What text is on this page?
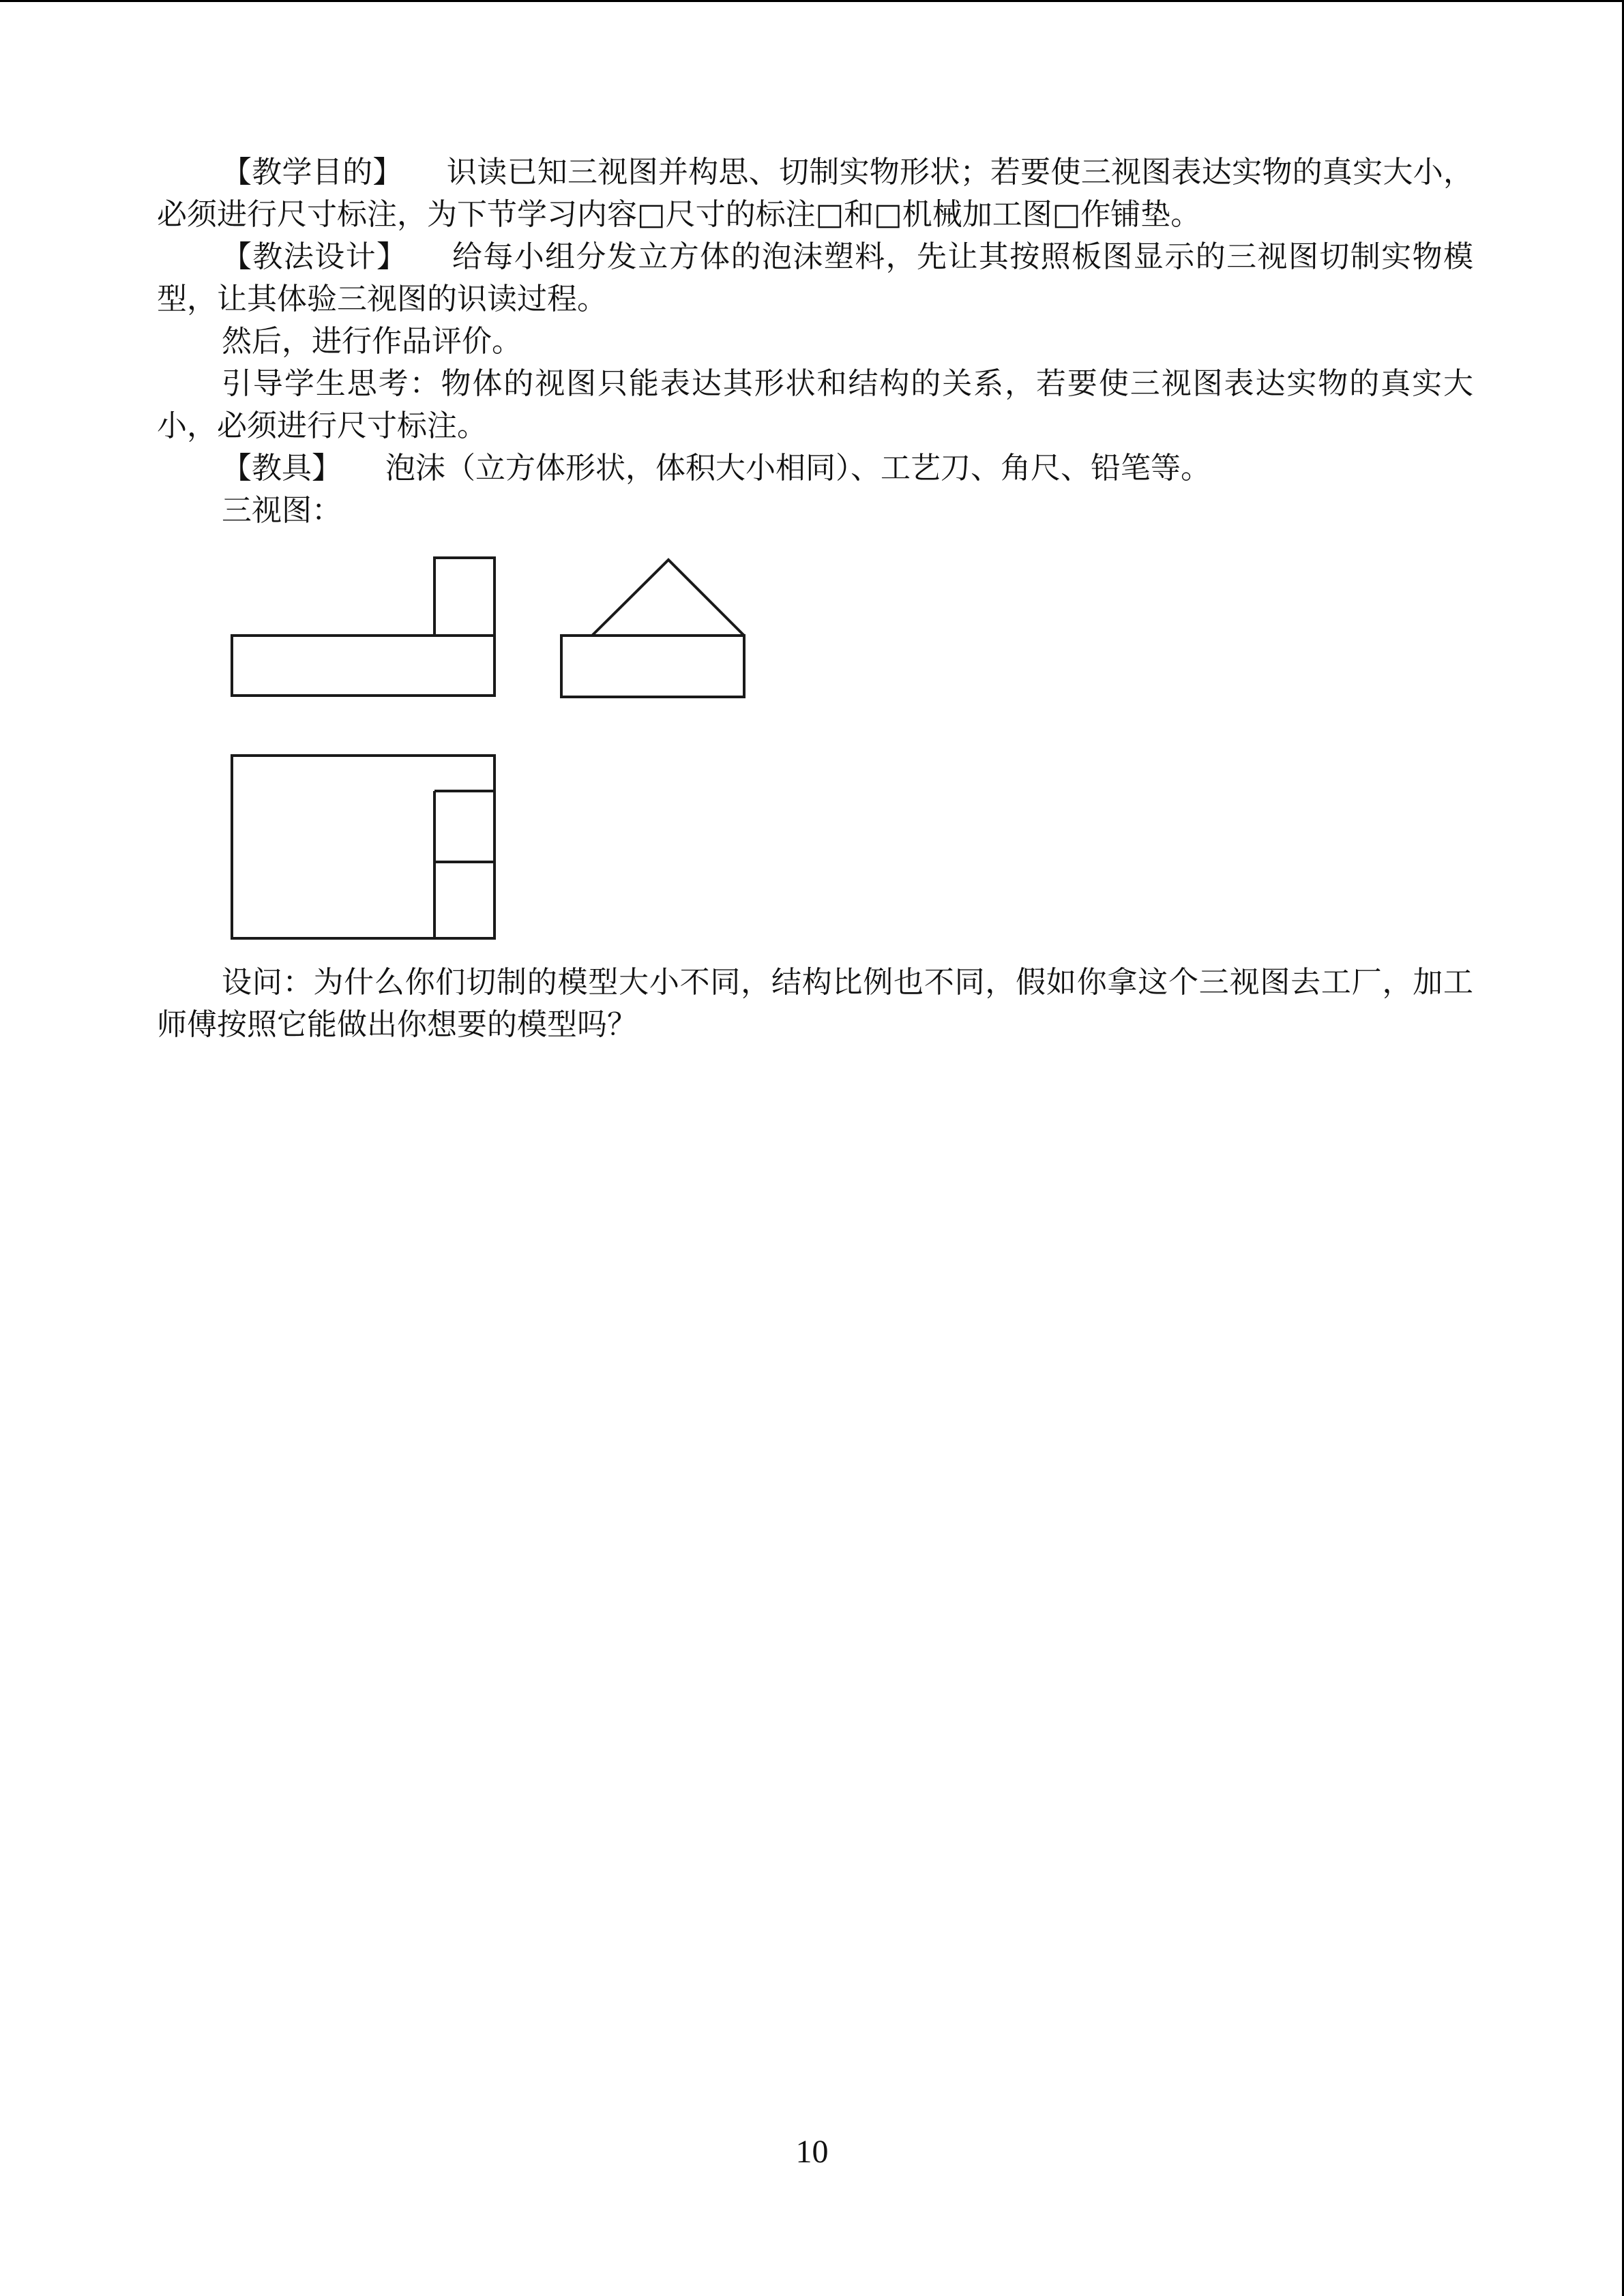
【教学目的】 识读已知三视图并构思、切制实物形状；若要使三视图表达实物的真实大小，必须进行尺寸标注，为下节学习内容□尺寸的标注□和□机械加工图□作铺垫。

【教法设计】 给每小组分发立方体的泡沫塑料，先让其按照板图显示的三视图切制实物模型，让其体验三视图的识读过程。

然后，进行作品评价。

引导学生思考：物体的视图只能表达其形状和结构的关系，若要使三视图表达实物的真实大小，必须进行尺寸标注。

【教具】 泡沫（立方体形状，体积大小相同）、工艺刀、角尺、铅笔等。

三视图：

设问：为什么你们切制的模型大小不同，结构比例也不同，假如你拿这个三视图去工厂，加工师傅按照它能做出你想要的模型吗？

10
